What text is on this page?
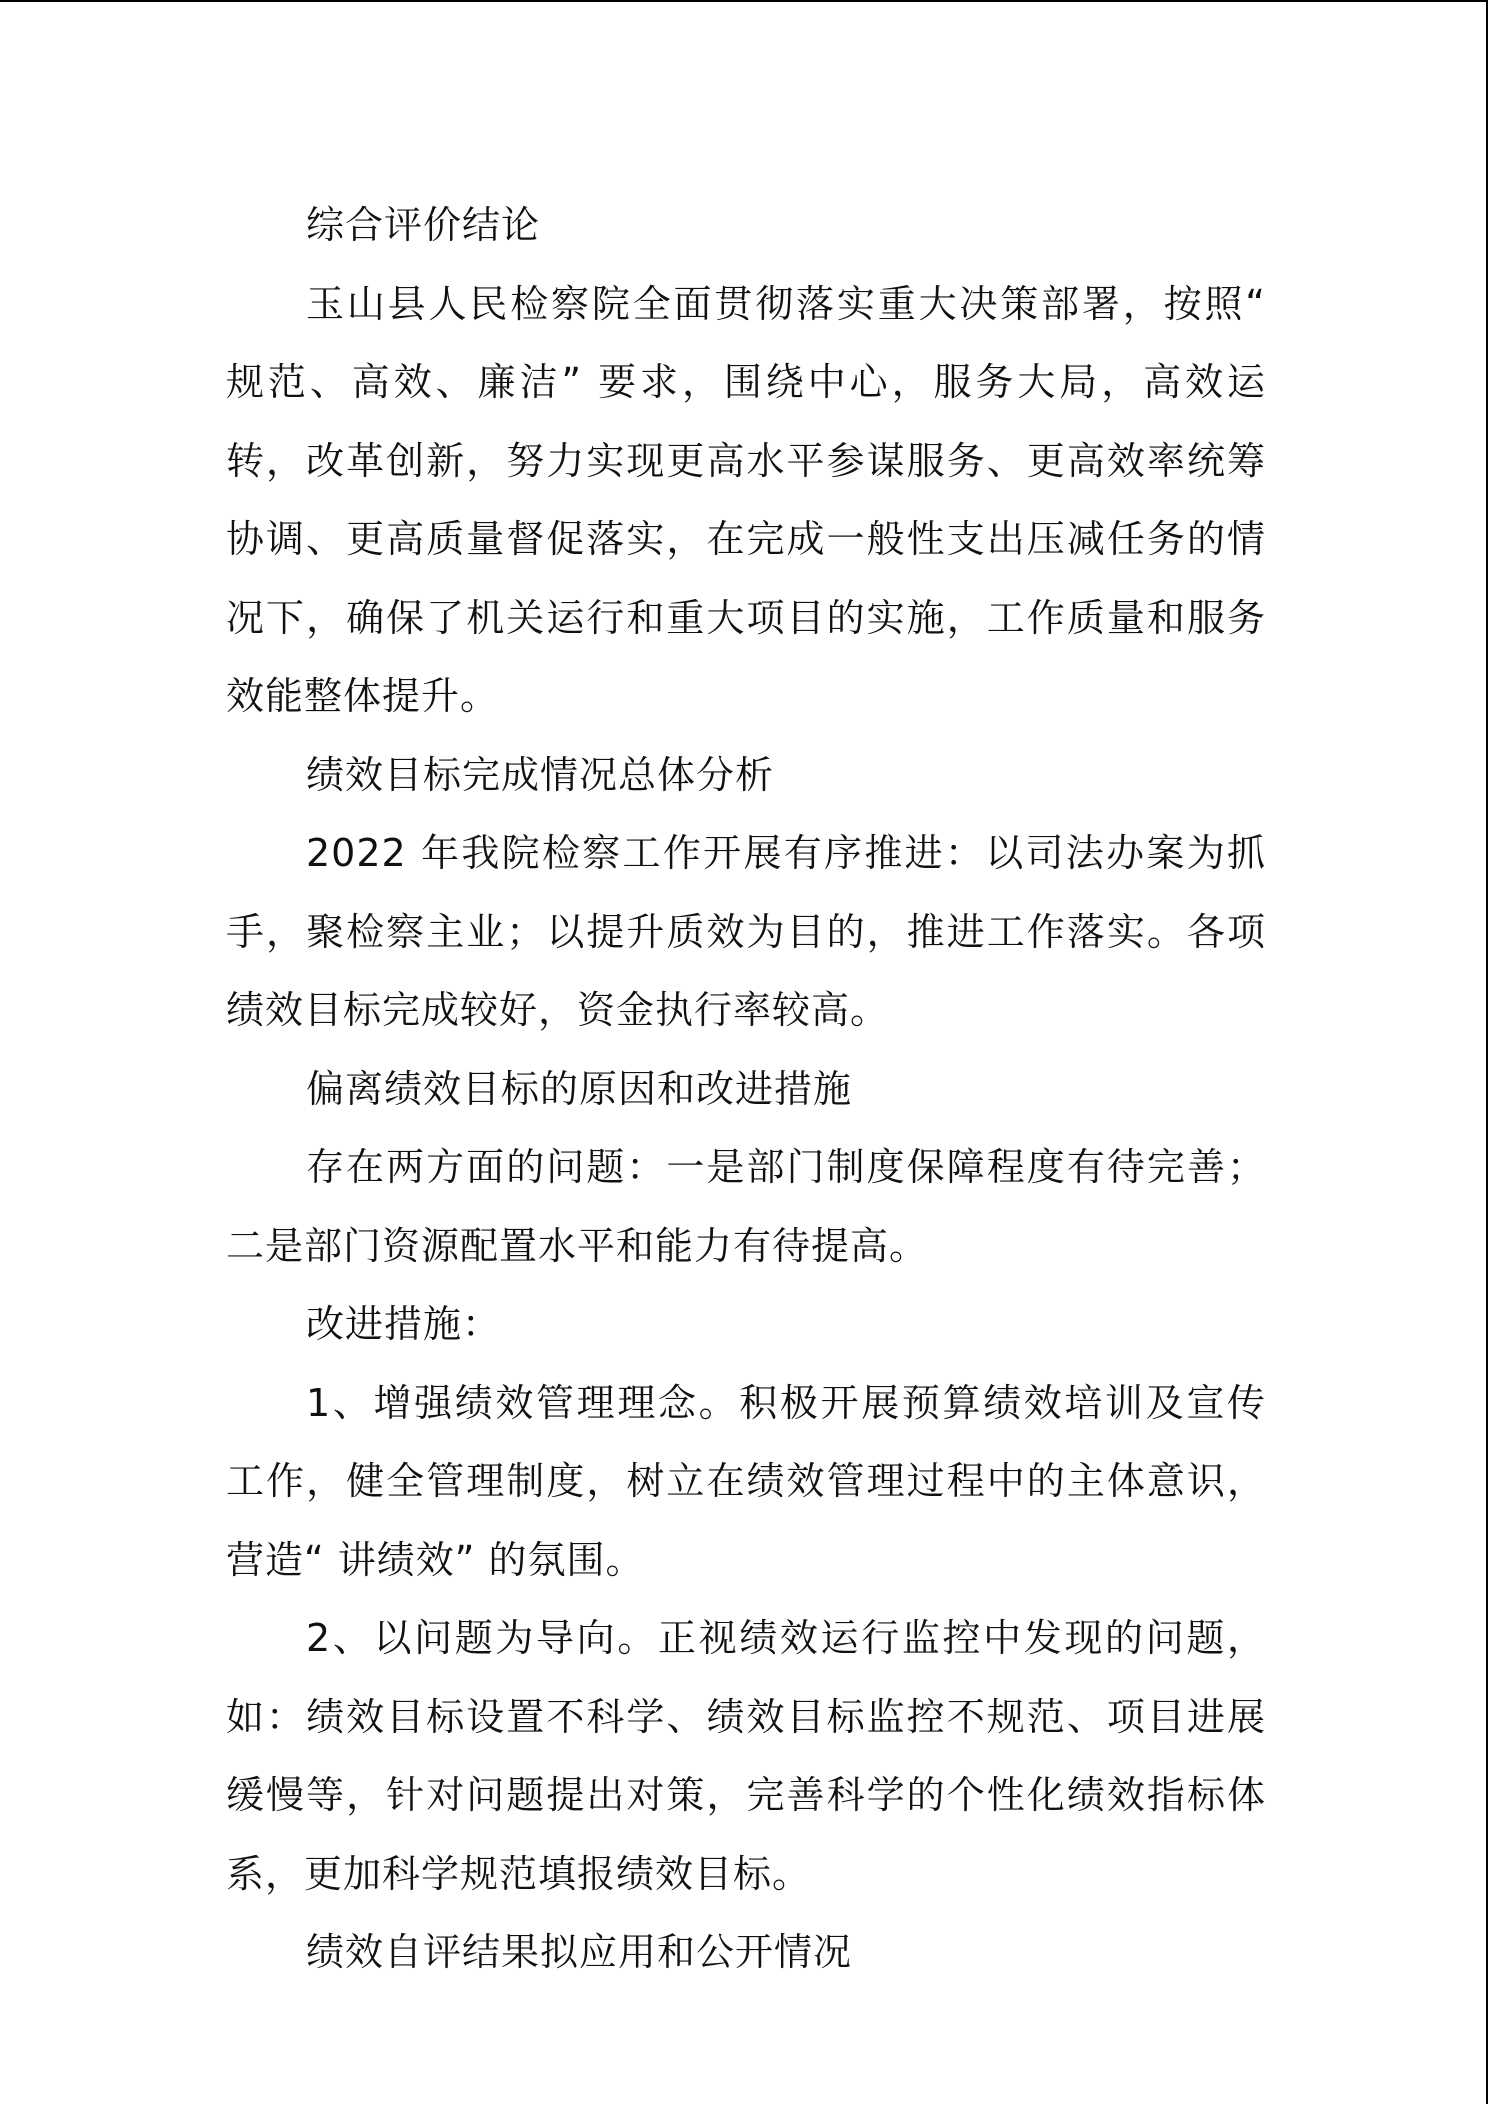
综合评价结论

玉山县人民检察院全面贯彻落实重大决策部署，按照“ 规范、高效、廉洁” 要求，围绕中心，服务大局，高效运转，改革创新，努力实现更高水平参谋服务、更高效率统筹协调、更高质量督促落实，在完成一般性支出压减任务的情况下，确保了机关运行和重大项目的实施，工作质量和服务效能整体提升。

绩效目标完成情况总体分析

2022 年我院检察工作开展有序推进：以司法办案为抓手，聚检察主业；以提升质效为目的，推进工作落实。各项绩效目标完成较好，资金执行率较高。

偏离绩效目标的原因和改进措施

存在两方面的问题：一是部门制度保障程度有待完善；二是部门资源配置水平和能力有待提高。

改进措施：

1、增强绩效管理理念。积极开展预算绩效培训及宣传工作，健全管理制度，树立在绩效管理过程中的主体意识，营造“ 讲绩效” 的氛围。

2、以问题为导向。正视绩效运行监控中发现的问题，如：绩效目标设置不科学、绩效目标监控不规范、项目进展缓慢等，针对问题提出对策，完善科学的个性化绩效指标体系，更加科学规范填报绩效目标。

绩效自评结果拟应用和公开情况
